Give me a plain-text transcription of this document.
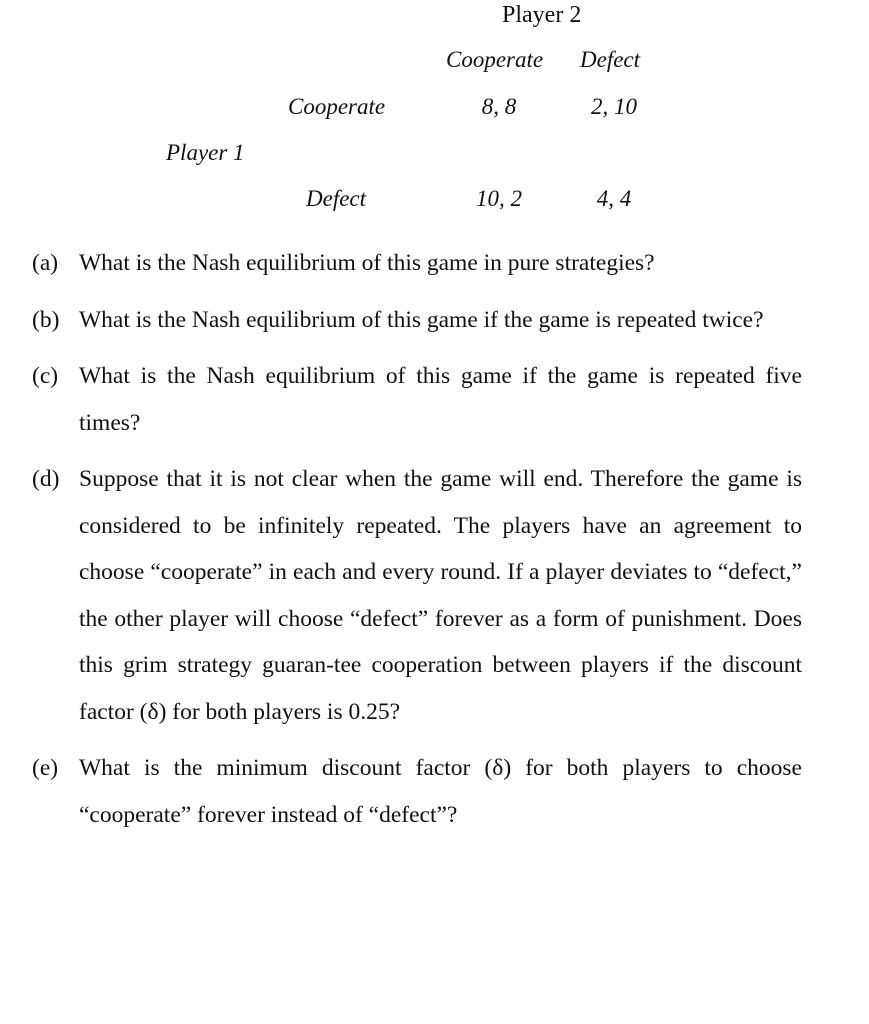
Player 2
Cooperate Defect
Cooperate
Player 1
Defect
8, 8	2, 10
10, 2	4, 4
(a) What is the Nash equilibrium of this game in pure strategies?
(b) What is the Nash equilibrium of this game if the game is repeated twice?
(c) What is the Nash equilibrium of this game if the game is repeated five times?
(d) Suppose that it is not clear when the game will end. Therefore the game is considered to be infinitely repeated. The players have an agreement to choose “cooperate” in each and every round. If a player deviates to “defect,” the other player will choose “defect” forever as a form of punishment. Does this grim strategy guaran-tee cooperation between players if the discount factor (δ) for both players is 0.25?
(e) What is the minimum discount factor (δ) for both players to choose “cooperate” forever instead of “defect”?
